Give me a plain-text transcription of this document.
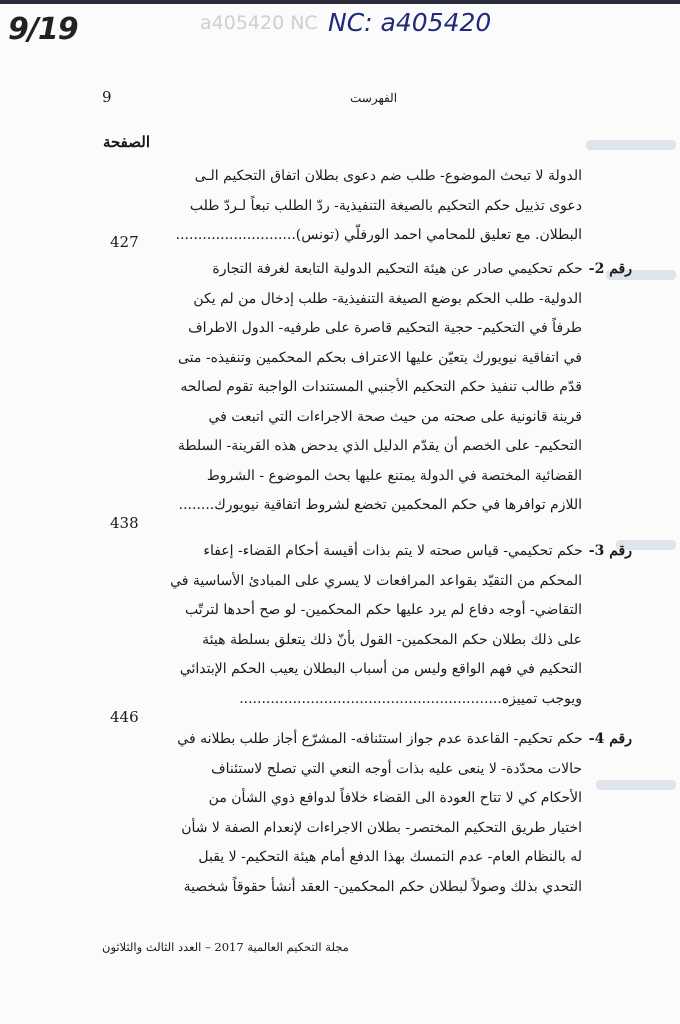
9/19	a405420 NC NC: a405420
9	الفهرست
الصفحة
الدولة لا تبحث الموضوع- طلب ضم دعوى بطلان اتفاق التحكيم الـى
دعوى تذييل حكم التحكيم بالصيغة التنفيذية- ردّ الطلب تبعاً لـردّ طلب
البطلان. مع تعليق للمحامي احمد الورفلّي (تونس)...........................
427
رقم 2-حكم تحكيمي صادر عن هيئة التحكيم الدولية التابعة لغرفة التجارة
الدولية- طلب الحكم بوضع الصيغة التنفيذية- طلب إدخال من لم يكن
طرفاً في التحكيم- حجية التحكيم قاصرة على طرفيه- الدول الاطراف
في اتفاقية نيويورك يتعيّن عليها الاعتراف بحكم المحكمين وتنفيذه- متى
قدّم طالب تنفيذ حكم التحكيم الأجنبي المستندات الواجبة تقوم لصالحه
قرينة قانونية على صحته من حيث صحة الاجراءات التي اتبعت في
التحكيم- على الخصم أن يقدّم الدليل الذي يدحض هذه القرينة- السلطة
القضائية المختصة في الدولة يمتنع عليها بحث الموضوع - الشروط
اللازم توافرها في حكم المحكمين تخضع لشروط اتفاقية نيويورك........
438
رقم 3-حكم تحكيمي- قياس صحته لا يتم بذات أقيسة أحكام القضاء- إعفاء
المحكم من التقيّد بقواعد المرافعات لا يسري على المبادئ الأساسية في
التقاضي- أوجه دفاع لم يرد عليها حكم المحكمين- لو صح أحدها لترتّب
على ذلك بطلان حكم المحكمين- القول بأنّ ذلك يتعلق بسلطة هيئة
التحكيم في فهم الواقع وليس من أسباب البطلان يعيب الحكم الإبتدائي
ويوجب تمييزه...........................................................
446
رقم 4-حكم تحكيم- القاعدة عدم جواز استئنافه- المشرّع أجاز طلب بطلانه في
حالات محدّدة- لا ينعى عليه بذات أوجه النعي التي تصلح لاستئناف
الأحكام كي لا تتاح العودة الى القضاء خلافاً لدوافع ذوي الشأن من
اختيار طريق التحكيم المختصر- بطلان الاجراءات لإنعدام الصفة لا شأن
له بالنظام العام- عدم التمسك بهذا الدفع أمام هيئة التحكيم- لا يقبل
التحدي بذلك وصولاً لبطلان حكم المحكمين- العقد أنشأ حقوقاً شخصية
مجلة التحكيم العالمية 2017 – العدد الثالث والثلاثون
